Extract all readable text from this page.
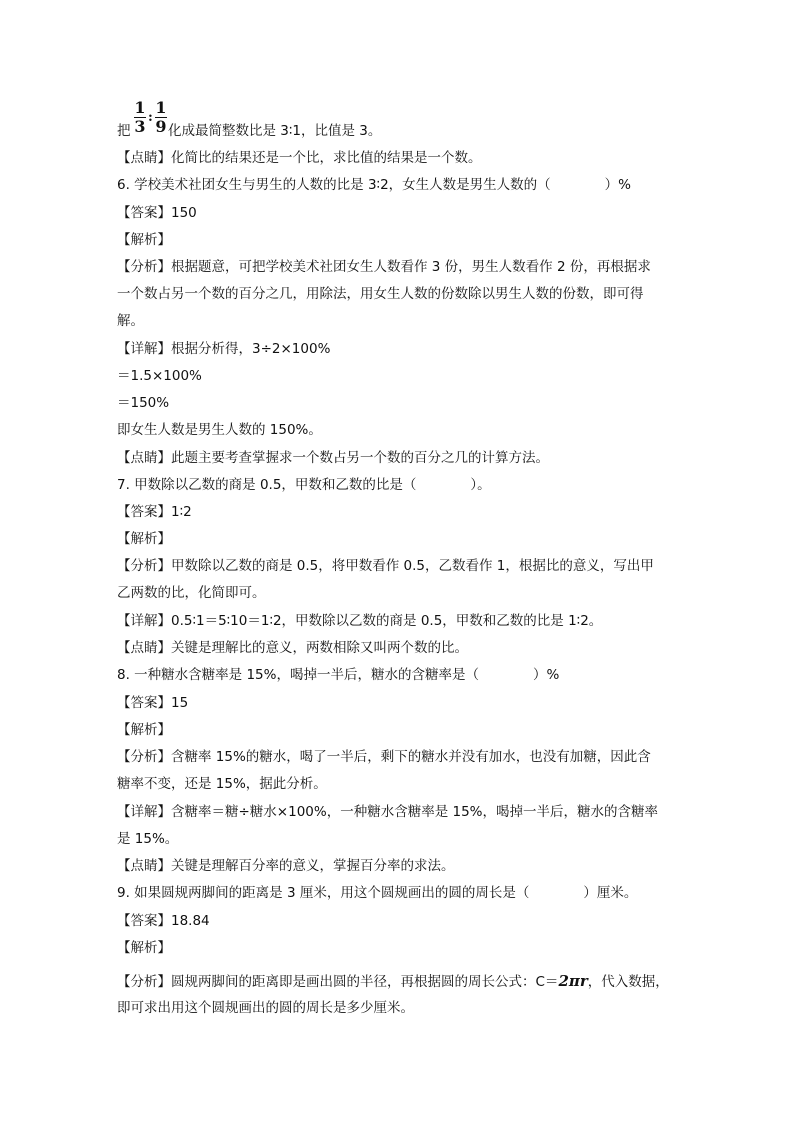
1
3 :
1
9
把	化成最简整数比是 3∶1，比值是 3。
【点睛】化简比的结果还是一个比，求比值的结果是一个数。
6. 学校美术社团女生与男生的人数的比是 3∶2，女生人数是男生人数的（　　　　）%
【答案】150
【解析】
【分析】根据题意，可把学校美术社团女生人数看作 3 份，男生人数看作 2 份，再根据求
一个数占另一个数的百分之几，用除法，用女生人数的份数除以男生人数的份数，即可得
解。
【详解】根据分析得，3÷2×100%
＝1.5×100%
＝150%
即女生人数是男生人数的 150%。
【点睛】此题主要考查掌握求一个数占另一个数的百分之几的计算方法。
7. 甲数除以乙数的商是 0.5，甲数和乙数的比是（　　　　）。
【答案】1∶2
【解析】
【分析】甲数除以乙数的商是 0.5，将甲数看作 0.5，乙数看作 1，根据比的意义，写出甲
乙两数的比，化简即可。
【详解】0.5∶1＝5∶10＝1∶2，甲数除以乙数的商是 0.5，甲数和乙数的比是 1∶2。
【点睛】关键是理解比的意义，两数相除又叫两个数的比。
8. 一种糖水含糖率是 15%，喝掉一半后，糖水的含糖率是（　　　　）%
【答案】15
【解析】
【分析】含糖率 15%的糖水，喝了一半后，剩下的糖水并没有加水，也没有加糖，因此含
糖率不变，还是 15%，据此分析。
【详解】含糖率＝糖÷糖水×100%，一种糖水含糖率是 15%，喝掉一半后，糖水的含糖率
是 15%。
【点睛】关键是理解百分率的意义，掌握百分率的求法。
9. 如果圆规两脚间的距离是 3 厘米，用这个圆规画出的圆的周长是（　　　　）厘米。
【答案】18.84
【解析】
【分析】圆规两脚间的距离即是画出圆的半径，再根据圆的周长公式：C＝2πr，代入数据，
即可求出用这个圆规画出的圆的周长是多少厘米。
